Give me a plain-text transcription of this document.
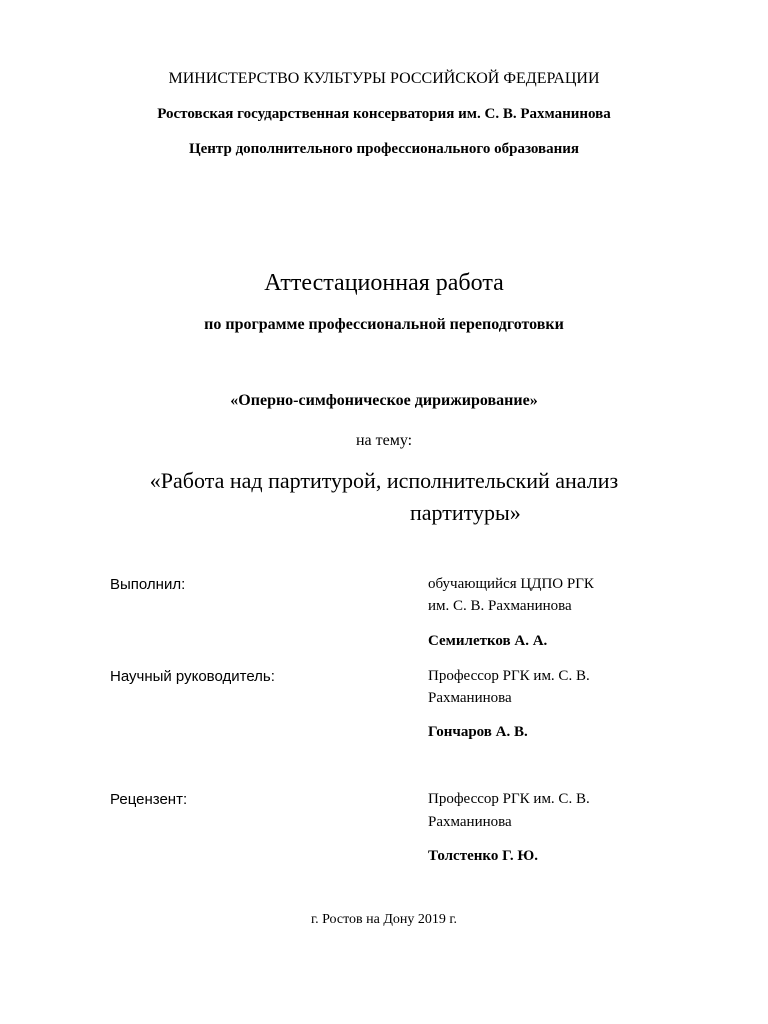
МИНИСТЕРСТВО КУЛЬТУРЫ РОССИЙСКОЙ ФЕДЕРАЦИИ
Ростовская государственная консерватория им. С. В. Рахманинова
Центр дополнительного профессионального образования
Аттестационная работа
по программе профессиональной переподготовки
«Оперно-симфоническое дирижирование»
на тему:
«Работа над партитурой, исполнительский анализ
партитуры»
Выполнил:	обучающийся ЦДПО РГК
им. С. В. Рахманинова
Семилетков А. А.
Научный руководитель:	Профессор РГК им. С. В.
Рахманинова
Гончаров А. В.
Рецензент:	Профессор РГК им. С. В.
Рахманинова
Толстенко Г. Ю.
г. Ростов на Дону 2019 г.
